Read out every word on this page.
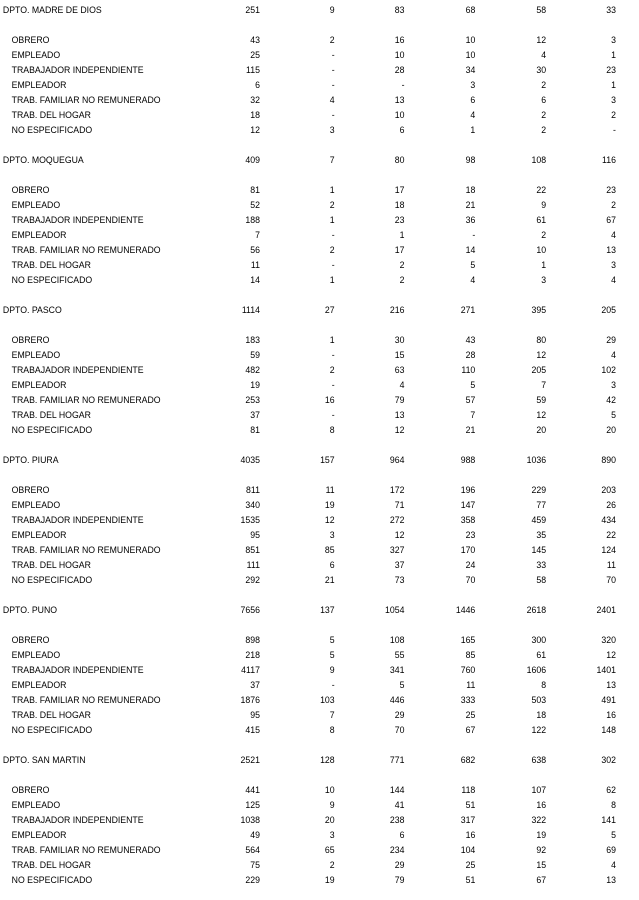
DPTO. MADRE DE DIOS	251	9	83	68	58	33
OBRERO	43	2	16	10	12	3
EMPLEADO	25	-	10	10	4	1
TRABAJADOR INDEPENDIENTE	115	-	28	34	30	23
EMPLEADOR	6	-	-	3	2	1
TRAB. FAMILIAR NO REMUNERADO	32	4	13	6	6	3
TRAB. DEL HOGAR	18	-	10	4	2	2
NO ESPECIFICADO	12	3	6	1	2	-
DPTO. MOQUEGUA	409	7	80	98	108	116
OBRERO	81	1	17	18	22	23
EMPLEADO	52	2	18	21	9	2
TRABAJADOR INDEPENDIENTE	188	1	23	36	61	67
EMPLEADOR	7	-	1	-	2	4
TRAB. FAMILIAR NO REMUNERADO	56	2	17	14	10	13
TRAB. DEL HOGAR	11	-	2	5	1	3
NO ESPECIFICADO	14	1	2	4	3	4
DPTO. PASCO	1114	27	216	271	395	205
OBRERO	183	1	30	43	80	29
EMPLEADO	59	-	15	28	12	4
TRABAJADOR INDEPENDIENTE	482	2	63	110	205	102
EMPLEADOR	19	-	4	5	7	3
TRAB. FAMILIAR NO REMUNERADO	253	16	79	57	59	42
TRAB. DEL HOGAR	37	-	13	7	12	5
NO ESPECIFICADO	81	8	12	21	20	20
DPTO. PIURA	4035	157	964	988	1036	890
OBRERO	811	11	172	196	229	203
EMPLEADO	340	19	71	147	77	26
TRABAJADOR INDEPENDIENTE	1535	12	272	358	459	434
EMPLEADOR	95	3	12	23	35	22
TRAB. FAMILIAR NO REMUNERADO	851	85	327	170	145	124
TRAB. DEL HOGAR	111	6	37	24	33	11
NO ESPECIFICADO	292	21	73	70	58	70
DPTO. PUNO	7656	137	1054	1446	2618	2401
OBRERO	898	5	108	165	300	320
EMPLEADO	218	5	55	85	61	12
TRABAJADOR INDEPENDIENTE	4117	9	341	760	1606	1401
EMPLEADOR	37	-	5	11	8	13
TRAB. FAMILIAR NO REMUNERADO	1876	103	446	333	503	491
TRAB. DEL HOGAR	95	7	29	25	18	16
NO ESPECIFICADO	415	8	70	67	122	148
DPTO. SAN MARTIN	2521	128	771	682	638	302
OBRERO	441	10	144	118	107	62
EMPLEADO	125	9	41	51	16	8
TRABAJADOR INDEPENDIENTE	1038	20	238	317	322	141
EMPLEADOR	49	3	6	16	19	5
TRAB. FAMILIAR NO REMUNERADO	564	65	234	104	92	69
TRAB. DEL HOGAR	75	2	29	25	15	4
NO ESPECIFICADO	229	19	79	51	67	13
